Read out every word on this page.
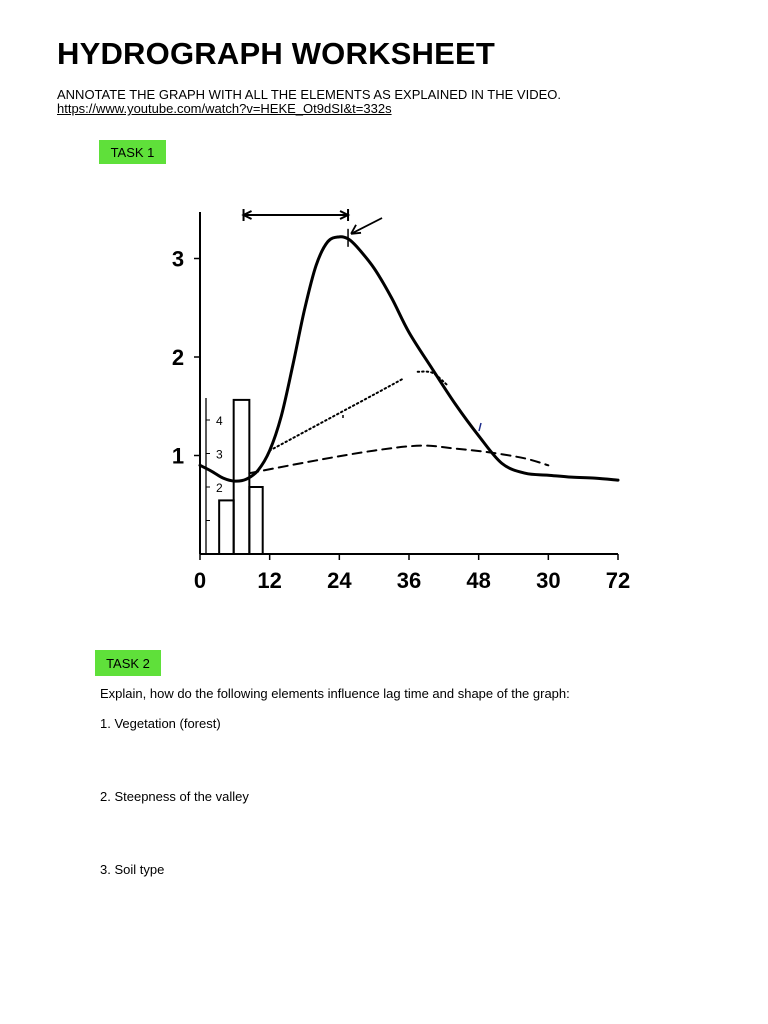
HYDROGRAPH WORKSHEET
ANNOTATE THE GRAPH WITH ALL THE ELEMENTS AS EXPLAINED IN THE VIDEO.
https://www.youtube.com/watch?v=HEKE_Ot9dSI&t=332s
TASK 1
0 12 24 36 48 30 72
1
2
3
4
3
2
TASK 2
Explain, how do the following elements influence lag time and shape of the graph:
1. Vegetation (forest)
2. Steepness of the valley
3. Soil type
